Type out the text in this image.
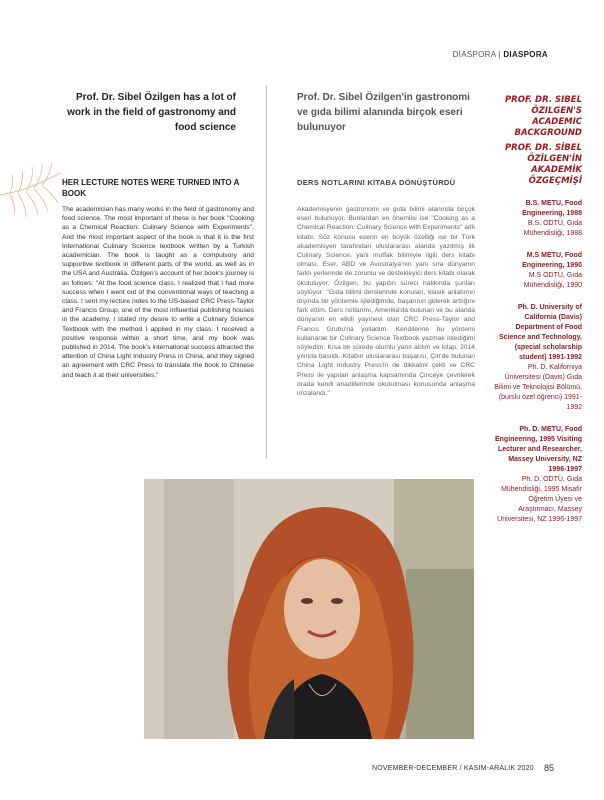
DİASPORA | DIASPORA
Prof. Dr. Sibel Özilgen has a lot of work in the field of gastronomy and food science
Prof. Dr. Sibel Özilgen'in gastronomi ve gıda bilimi alanında birçok eseri bulunuyor
HER LECTURE NOTES WERE TURNED INTO A BOOK
DERS NOTLARINI KİTABA DÖNÜŞTÜRDÜ
The academician has many works in the field of gastronomy and food science. The most important of these is her book "Cooking as a Chemical Reaction: Culinary Science with Experiments". And the most important aspect of the book is that it is the first International Culinary Science textbook written by a Turkish academician. The book is taught as a compulsory and supportive textbook in different parts of the world, as well as in the USA and Australia. Özilgen's account of her book's journey is as follows: "At the food science class, I realized that I had more success when I went out of the conventional ways of teaching a class. I sent my lecture notes to the US-based CRC Press-Taylor and Francis Group, one of the most influential publishing houses in the academy. I stated my desire to write a Culinary Science Textbook with the method I applied in my class. I received a positive response within a short time, and my book was published in 2014. The book's international success attracted the attention of China Light Industry Press in China, and they signed an agreement with CRC Press to translate the book to Chinese and teach it at their universities."
Akademisyenin gastronomi ve gıda bilimi alanında birçok eseri bulunuyor. Bunlardan en önemlisi ise "Cooking as a Chemical Reaction: Culinary Science with Experiments" adlı kitabı. Söz konusu eserin en büyük özelliği ise bir Türk akademisyen tarafından uluslararası alanda yazılmış ilk Culinary Science, yani mutfak bilimiyle ilgili ders kitabı olması. Eser, ABD ve Avustralya'nın yanı sıra dünyanın farklı yerlerinde de zorunlu ve destekleyici ders kitabı olarak okutuluyor. Özilgen, bu yapıtın süreci hakkında şunları söylüyor: "Gıda bilimi derslerinde konuları, klasik anlatımın dışında bir yöntemle işlediğimde, başarının giderek arttığını fark ettim. Ders notlarımı, Amerika'da bulunan ve bu alanda dünyanın en etkili yayınevi olan CRC Press-Taylor and Francis Grubu'na yolladım. Kendilerine bu yöntemi kullanarak bir Culinary Science Textbook yazmak istediğimi söyledim. Kısa bir sürede olumlu yanıt aldım ve kitap, 2014 yılında basıldı. Kitabın uluslararası başarısı, Çin'de bulunan China Light Industry Press'in de dikkatini çekti ve CRC Press ile yapılan anlaşma kapsamında Çinceye çevrilerek orada kendi anadillerinde okutulması konusunda anlaşma imzalandı."
PROF. DR. SIBEL ÖZILGEN'S ACADEMIC BACKGROUND
PROF. DR. SİBEL ÖZİLGEN'İN AKADEMİK ÖZGEÇMİŞİ
B.S. METU, Food Engineering, 1988
B.S. ODTÜ, Gıda Mühendisliği, 1988
M.S METU, Food Engineering, 1990
M.S ODTÜ, Gıda Mühendisliği, 1990
Ph. D. University of California (Davis) Department of Food Science and Technology, (special scholarship student) 1991-1992
Ph. D. Kaliforniya Üniversitesi (Davis) Gıda Bilimi ve Teknolojisi Bölümü, (burslu özel öğrenci) 1991-1992
Ph. D. METU, Food Engineering, 1995 Visiting Lecturer and Researcher, Massey University, NZ 1996-1997
Ph. D. ODTÜ, Gıda Mühendisliği, 1995 Misafir Öğretim Üyesi ve Araştırmacı, Massey Universitesi, NZ 1996-1997
NOVEMBER-DECEMBER / KASIM-ARALIK 2020 85
